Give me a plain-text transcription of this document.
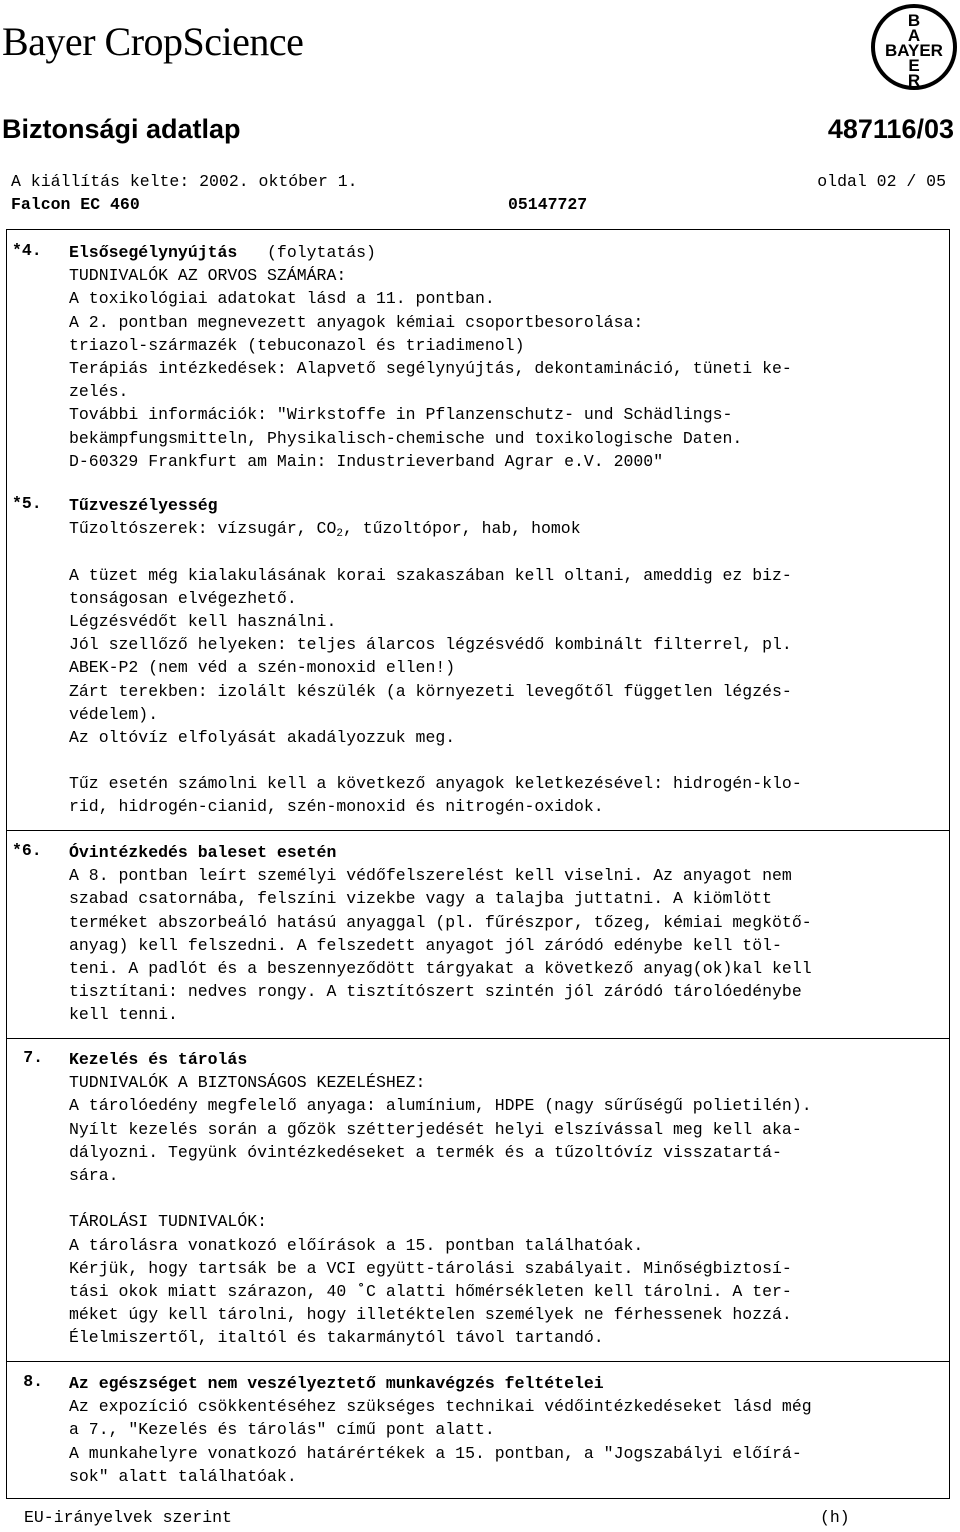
Bayer CropScience	B
A
BAYER
E
R
Biztonsági adatlap	487116/03
A kiállítás kelte: 2002. október 1.	oldal 02 / 05
Falcon EC 460	05147727
*4.	Elsősegélynyújtás   (folytatás)
TUDNIVALÓK AZ ORVOS SZÁMÁRA:
A toxikológiai adatokat lásd a 11. pontban.
A 2. pontban megnevezett anyagok kémiai csoportbesorolása:
triazol-származék (tebuconazol és triadimenol)
Terápiás intézkedések: Alapvető segélynyújtás, dekontamináció, tüneti ke-
zelés.
További információk: "Wirkstoffe in Pflanzenschutz- und Schädlings-
bekämpfungsmitteln, Physikalisch-chemische und toxikologische Daten.
D-60329 Frankfurt am Main: Industrieverband Agrar e.V. 2000"
*5.	Tűzveszélyesség
Tűzoltószerek: vízsugár, $CO_2$, tűzoltópor, hab, homok
A tüzet még kialakulásának korai szakaszában kell oltani, ameddig ez biz-
tonságosan elvégezhető.
Légzésvédőt kell használni.
Jól szellőző helyeken: teljes álarcos légzésvédő kombinált filterrel, pl.
ABEK-P2 (nem véd a szén-monoxid ellen!)
Zárt terekben: izolált készülék (a környezeti levegőtől független légzés-
védelem).
Az oltóvíz elfolyását akadályozzuk meg.
Tűz esetén számolni kell a következő anyagok keletkezésével: hidrogén-klo-
rid, hidrogén-cianid, szén-monoxid és nitrogén-oxidok.
*6.	Óvintézkedés baleset esetén
A 8. pontban leírt személyi védőfelszerelést kell viselni. Az anyagot nem
szabad csatornába, felszíni vizekbe vagy a talajba juttatni. A kiömlött
terméket abszorbeáló hatású anyaggal (pl. fűrészpor, tőzeg, kémiai megkötő-
anyag) kell felszedni. A felszedett anyagot jól záródó edénybe kell töl-
teni. A padlót és a beszennyeződött tárgyakat a következő anyag(ok)kal kell
tisztítani: nedves rongy. A tisztítószert szintén jól záródó tárolóedénybe
kell tenni.
7. Kezelés és tárolás
TUDNIVALÓK A BIZTONSÁGOS KEZELÉSHEZ:
A tárolóedény megfelelő anyaga: alumínium, HDPE (nagy sűrűségű polietilén).
Nyílt kezelés során a gőzök szétterjedését helyi elszívással meg kell aka-
dályozni. Tegyünk óvintézkedéseket a termék és a tűzoltóvíz visszatartá-
sára.
TÁROLÁSI TUDNIVALÓK:
A tárolásra vonatkozó előírások a 15. pontban találhatóak.
Kérjük, hogy tartsák be a VCI együtt-tárolási szabályait. Minőségbiztosí-
tási okok miatt szárazon, 40 ˚C alatti hőmérsékleten kell tárolni. A ter-
méket úgy kell tárolni, hogy illetéktelen személyek ne férhessenek hozzá.
Élelmiszertől, italtól és takarmánytól távol tartandó.
8. Az egészséget nem veszélyeztető munkavégzés feltételei
Az expozíció csökkentéséhez szükséges technikai védőintézkedéseket lásd még
a 7., "Kezelés és tárolás" című pont alatt.
A munkahelyre vonatkozó határértékek a 15. pontban, a "Jogszabályi előírá-
sok" alatt találhatóak.
EU-irányelvek szerint	(h)
